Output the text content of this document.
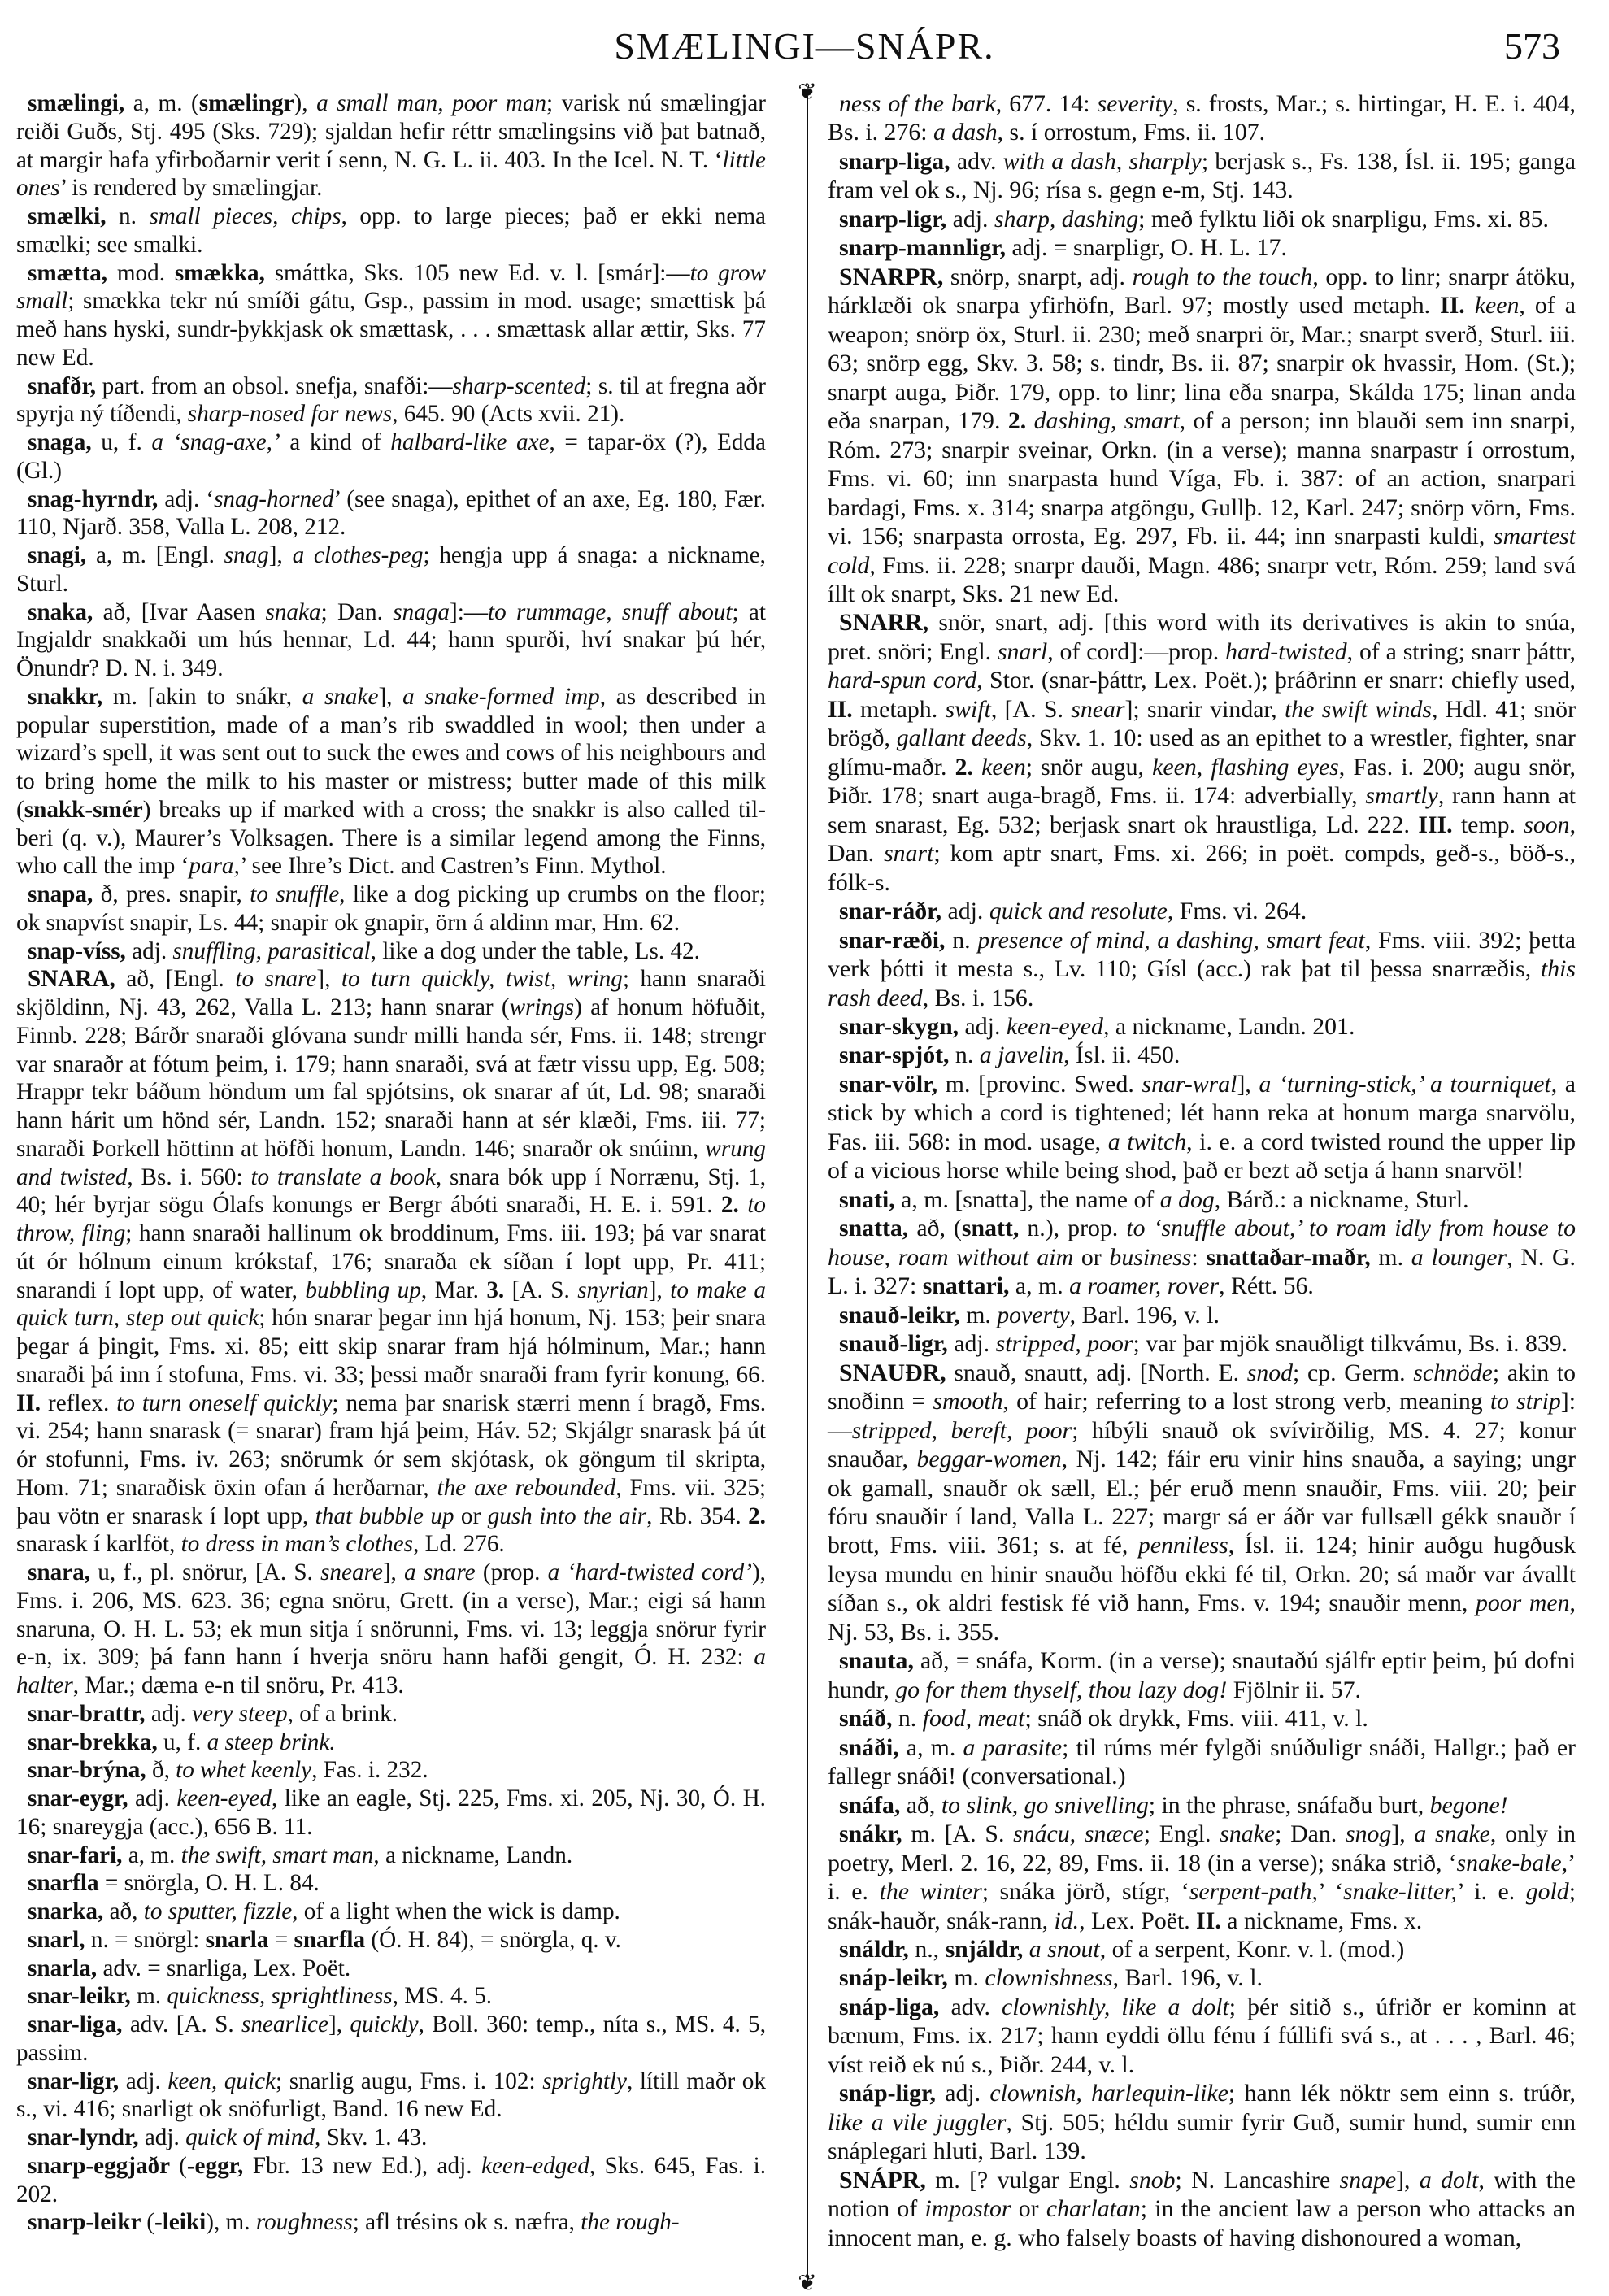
SMÆLINGI—SNÁPR.	573
❦
❦

smælingi, a, m. (smælingr), a small man, poor man; varisk nú smælingjar reiði Guðs, Stj. 495 (Sks. 729); sjaldan hefir réttr smælingsins við þat batnað, at margir hafa yfirboðarnir verit í senn, N. G. L. ii. 403. In the Icel. N. T. ‘little ones’ is rendered by smælingjar.

smælki, n. small pieces, chips, opp. to large pieces; það er ekki nema smælki; see smalki.

smætta, mod. smækka, smáttka, Sks. 105 new Ed. v. l. [smár]:—to grow small; smækka tekr nú smíði gátu, Gsp., passim in mod. usage; smættisk þá með hans hyski, sundr-þykkjask ok smættask, . . . smættask allar ættir, Sks. 77 new Ed.

snafðr, part. from an obsol. snefja, snafði:—sharp-scented; s. til at fregna aðr spyrja ný tíðendi, sharp-nosed for news, 645. 90 (Acts xvii. 21).

snaga, u, f. a ‘snag-axe,’ a kind of halbard-like axe, = tapar-öx (?), Edda (Gl.)

snag-hyrndr, adj. ‘snag-horned’ (see snaga), epithet of an axe, Eg. 180, Fær. 110, Njarð. 358, Valla L. 208, 212.

snagi, a, m. [Engl. snag], a clothes-peg; hengja upp á snaga: a nickname, Sturl.

snaka, að, [Ivar Aasen snaka; Dan. snaga]:—to rummage, snuff about; at Ingjaldr snakkaði um hús hennar, Ld. 44; hann spurði, hví snakar þú hér, Önundr? D. N. i. 349.

snakkr, m. [akin to snákr, a snake], a snake-formed imp, as described in popular superstition, made of a man’s rib swaddled in wool; then under a wizard’s spell, it was sent out to suck the ewes and cows of his neighbours and to bring home the milk to his master or mistress; butter made of this milk (snakk-smér) breaks up if marked with a cross; the snakkr is also called til-beri (q. v.), Maurer’s Volksagen. There is a similar legend among the Finns, who call the imp ‘para,’ see Ihre’s Dict. and Castren’s Finn. Mythol.

snapa, ð, pres. snapir, to snuffle, like a dog picking up crumbs on the floor; ok snapvíst snapir, Ls. 44; snapir ok gnapir, örn á aldinn mar, Hm. 62.

snap-víss, adj. snuffling, parasitical, like a dog under the table, Ls. 42.

SNARA, að, [Engl. to snare], to turn quickly, twist, wring; hann snaraði skjöldinn, Nj. 43, 262, Valla L. 213; hann snarar (wrings) af honum höfuðit, Finnb. 228; Bárðr snaraði glóvana sundr milli handa sér, Fms. ii. 148; strengr var snaraðr at fótum þeim, i. 179; hann snaraði, svá at fætr vissu upp, Eg. 508; Hrappr tekr báðum höndum um fal spjótsins, ok snarar af út, Ld. 98; snaraði hann hárit um hönd sér, Landn. 152; snaraði hann at sér klæði, Fms. iii. 77; snaraði Þorkell höttinn at höfði honum, Landn. 146; snaraðr ok snúinn, wrung and twisted, Bs. i. 560: to translate a book, snara bók upp í Norrænu, Stj. 1, 40; hér byrjar sögu Ólafs konungs er Bergr ábóti snaraði, H. E. i. 591. 2. to throw, fling; hann snaraði hallinum ok broddinum, Fms. iii. 193; þá var snarat út ór hólnum einum krókstaf, 176; snaraða ek síðan í lopt upp, Pr. 411; snarandi í lopt upp, of water, bubbling up, Mar. 3. [A. S. snyrian], to make a quick turn, step out quick; hón snarar þegar inn hjá honum, Nj. 153; þeir snara þegar á þingit, Fms. xi. 85; eitt skip snarar fram hjá hólminum, Mar.; hann snaraði þá inn í stofuna, Fms. vi. 33; þessi maðr snaraði fram fyrir konung, 66. II. reflex. to turn oneself quickly; nema þar snarisk stærri menn í bragð, Fms. vi. 254; hann snarask (= snarar) fram hjá þeim, Háv. 52; Skjálgr snarask þá út ór stofunni, Fms. iv. 263; snörumk ór sem skjótask, ok göngum til skripta, Hom. 71; snaraðisk öxin ofan á herðarnar, the axe rebounded, Fms. vii. 325; þau vötn er snarask í lopt upp, that bubble up or gush into the air, Rb. 354. 2. snarask í karlföt, to dress in man’s clothes, Ld. 276.

snara, u, f., pl. snörur, [A. S. sneare], a snare (prop. a ‘hard-twisted cord’), Fms. i. 206, MS. 623. 36; egna snöru, Grett. (in a verse), Mar.; eigi sá hann snaruna, O. H. L. 53; ek mun sitja í snörunni, Fms. vi. 13; leggja snörur fyrir e-n, ix. 309; þá fann hann í hverja snöru hann hafði gengit, Ó. H. 232: a halter, Mar.; dæma e-n til snöru, Pr. 413.

snar-brattr, adj. very steep, of a brink.

snar-brekka, u, f. a steep brink.

snar-brýna, ð, to whet keenly, Fas. i. 232.

snar-eygr, adj. keen-eyed, like an eagle, Stj. 225, Fms. xi. 205, Nj. 30, Ó. H. 16; snareygja (acc.), 656 B. 11.

snar-fari, a, m. the swift, smart man, a nickname, Landn.

snarfla = snörgla, O. H. L. 84.

snarka, að, to sputter, fizzle, of a light when the wick is damp.

snarl, n. = snörgl: snarla = snarfla (Ó. H. 84), = snörgla, q. v.

snarla, adv. = snarliga, Lex. Poët.

snar-leikr, m. quickness, sprightliness, MS. 4. 5.

snar-liga, adv. [A. S. snearlice], quickly, Boll. 360: temp., níta s., MS. 4. 5, passim.

snar-ligr, adj. keen, quick; snarlig augu, Fms. i. 102: sprightly, lítill maðr ok s., vi. 416; snarligt ok snöfurligt, Band. 16 new Ed.

snar-lyndr, adj. quick of mind, Skv. 1. 43.

snarp-eggjaðr (-eggr, Fbr. 13 new Ed.), adj. keen-edged, Sks. 645, Fas. i. 202.

snarp-leikr (-leiki), m. roughness; afl trésins ok s. næfra, the rough-

ness of the bark, 677. 14: severity, s. frosts, Mar.; s. hirtingar, H. E. i. 404, Bs. i. 276: a dash, s. í orrostum, Fms. ii. 107.

snarp-liga, adv. with a dash, sharply; berjask s., Fs. 138, Ísl. ii. 195; ganga fram vel ok s., Nj. 96; rísa s. gegn e-m, Stj. 143.

snarp-ligr, adj. sharp, dashing; með fylktu liði ok snarpligu, Fms. xi. 85.

snarp-mannligr, adj. = snarpligr, O. H. L. 17.

SNARPR, snörp, snarpt, adj. rough to the touch, opp. to linr; snarpr átöku, hárklæði ok snarpa yfirhöfn, Barl. 97; mostly used metaph. II. keen, of a weapon; snörp öx, Sturl. ii. 230; með snarpri ör, Mar.; snarpt sverð, Sturl. iii. 63; snörp egg, Skv. 3. 58; s. tindr, Bs. ii. 87; snarpir ok hvassir, Hom. (St.); snarpt auga, Þiðr. 179, opp. to linr; lina eða snarpa, Skálda 175; linan anda eða snarpan, 179. 2. dashing, smart, of a person; inn blauði sem inn snarpi, Róm. 273; snarpir sveinar, Orkn. (in a verse); manna snarpastr í orrostum, Fms. vi. 60; inn snarpasta hund Víga, Fb. i. 387: of an action, snarpari bardagi, Fms. x. 314; snarpa atgöngu, Gullþ. 12, Karl. 247; snörp vörn, Fms. vi. 156; snarpasta orrosta, Eg. 297, Fb. ii. 44; inn snarpasti kuldi, smartest cold, Fms. ii. 228; snarpr dauði, Magn. 486; snarpr vetr, Róm. 259; land svá íllt ok snarpt, Sks. 21 new Ed.

SNARR, snör, snart, adj. [this word with its derivatives is akin to snúa, pret. snöri; Engl. snarl, of cord]:—prop. hard-twisted, of a string; snarr þáttr, hard-spun cord, Stor. (snar-þáttr, Lex. Poët.); þráðrinn er snarr: chiefly used, II. metaph. swift, [A. S. snear]; snarir vindar, the swift winds, Hdl. 41; snör brögð, gallant deeds, Skv. 1. 10: used as an epithet to a wrestler, fighter, snar glímu-maðr. 2. keen; snör augu, keen, flashing eyes, Fas. i. 200; augu snör, Þiðr. 178; snart auga-bragð, Fms. ii. 174: adverbially, smartly, rann hann at sem snarast, Eg. 532; berjask snart ok hraustliga, Ld. 222. III. temp. soon, Dan. snart; kom aptr snart, Fms. xi. 266; in poët. compds, geð-s., böð-s., fólk-s.

snar-ráðr, adj. quick and resolute, Fms. vi. 264.

snar-ræði, n. presence of mind, a dashing, smart feat, Fms. viii. 392; þetta verk þótti it mesta s., Lv. 110; Gísl (acc.) rak þat til þessa snarræðis, this rash deed, Bs. i. 156.

snar-skygn, adj. keen-eyed, a nickname, Landn. 201.

snar-spjót, n. a javelin, Ísl. ii. 450.

snar-völr, m. [provinc. Swed. snar-wral], a ‘turning-stick,’ a tourniquet, a stick by which a cord is tightened; lét hann reka at honum marga snarvölu, Fas. iii. 568: in mod. usage, a twitch, i. e. a cord twisted round the upper lip of a vicious horse while being shod, það er bezt að setja á hann snarvöl!

snati, a, m. [snatta], the name of a dog, Bárð.: a nickname, Sturl.

snatta, að, (snatt, n.), prop. to ‘snuffle about,’ to roam idly from house to house, roam without aim or business: snattaðar-maðr, m. a lounger, N. G. L. i. 327: snattari, a, m. a roamer, rover, Rétt. 56.

snauð-leikr, m. poverty, Barl. 196, v. l.

snauð-ligr, adj. stripped, poor; var þar mjök snauðligt tilkvámu, Bs. i. 839.

SNAUÐR, snauð, snautt, adj. [North. E. snod; cp. Germ. schnöde; akin to snoðinn = smooth, of hair; referring to a lost strong verb, meaning to strip]:—stripped, bereft, poor; híbýli snauð ok svívirðilig, MS. 4. 27; konur snauðar, beggar-women, Nj. 142; fáir eru vinir hins snauða, a saying; ungr ok gamall, snauðr ok sæll, El.; þér eruð menn snauðir, Fms. viii. 20; þeir fóru snauðir í land, Valla L. 227; margr sá er áðr var fullsæll gékk snauðr í brott, Fms. viii. 361; s. at fé, penniless, Ísl. ii. 124; hinir auðgu hugðusk leysa mundu en hinir snauðu höfðu ekki fé til, Orkn. 20; sá maðr var ávallt síðan s., ok aldri festisk fé við hann, Fms. v. 194; snauðir menn, poor men, Nj. 53, Bs. i. 355.

snauta, að, = snáfa, Korm. (in a verse); snautaðú sjálfr eptir þeim, þú dofni hundr, go for them thyself, thou lazy dog! Fjölnir ii. 57.

snáð, n. food, meat; snáð ok drykk, Fms. viii. 411, v. l.

snáði, a, m. a parasite; til rúms mér fylgði snúðuligr snáði, Hallgr.; það er fallegr snáði! (conversational.)

snáfa, að, to slink, go snivelling; in the phrase, snáfaðu burt, begone!

snákr, m. [A. S. snácu, snæce; Engl. snake; Dan. snog], a snake, only in poetry, Merl. 2. 16, 22, 89, Fms. ii. 18 (in a verse); snáka strið, ‘snake-bale,’ i. e. the winter; snáka jörð, stígr, ‘serpent-path,’ ‘snake-litter,’ i. e. gold; snák-hauðr, snák-rann, id., Lex. Poët. II. a nickname, Fms. x.

snáldr, n., snjáldr, a snout, of a serpent, Konr. v. l. (mod.)

snáp-leikr, m. clownishness, Barl. 196, v. l.

snáp-liga, adv. clownishly, like a dolt; þér sitið s., úfriðr er kominn at bænum, Fms. ix. 217; hann eyddi öllu fénu í fúllifi svá s., at . . . , Barl. 46; víst reið ek nú s., Þiðr. 244, v. l.

snáp-ligr, adj. clownish, harlequin-like; hann lék nöktr sem einn s. trúðr, like a vile juggler, Stj. 505; héldu sumir fyrir Guð, sumir hund, sumir enn snáplegari hluti, Barl. 139.

SNÁPR, m. [? vulgar Engl. snob; N. Lancashire snape], a dolt, with the notion of impostor or charlatan; in the ancient law a person who attacks an innocent man, e. g. who falsely boasts of having dishonoured a woman,
